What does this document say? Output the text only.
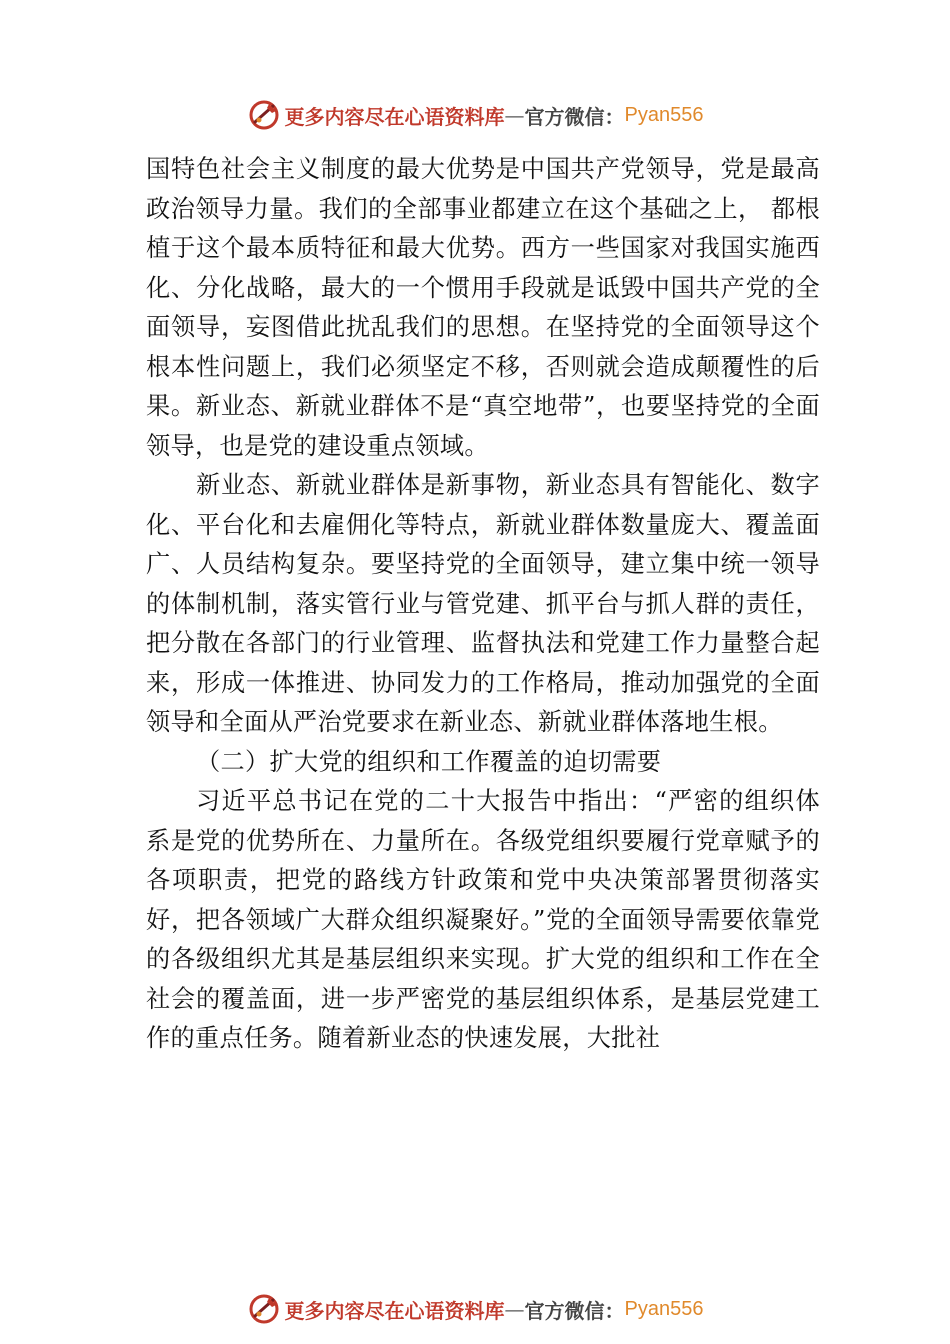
更多内容尽在心语资料库 — 官方微信： Pyan556

国特色社会主义制度的最大优势是中国共产党领导，党是最高政治领导力量。我们的全部事业都建立在这个基础之上， 都根植于这个最本质特征和最大优势。西方一些国家对我国实施西化、分化战略，最大的一个惯用手段就是诋毁中国共产党的全面领导，妄图借此扰乱我们的思想。在坚持党的全面领导这个根本性问题上，我们必须坚定不移，否则就会造成颠覆性的后果。新业态、新就业群体不是“真空地带”，也要坚持党的全面领导，也是党的建设重点领域。

新业态、新就业群体是新事物，新业态具有智能化、数字化、平台化和去雇佣化等特点，新就业群体数量庞大、覆盖面广、人员结构复杂。要坚持党的全面领导，建立集中统一领导的体制机制，落实管行业与管党建、抓平台与抓人群的责任，把分散在各部门的行业管理、监督执法和党建工作力量整合起来，形成一体推进、协同发力的工作格局，推动加强党的全面领导和全面从严治党要求在新业态、新就业群体落地生根。

（二）扩大党的组织和工作覆盖的迫切需要

习近平总书记在党的二十大报告中指出：“严密的组织体系是党的优势所在、力量所在。各级党组织要履行党章赋予的各项职责，把党的路线方针政策和党中央决策部署贯彻落实好，把各领域广大群众组织凝聚好。”党的全面领导需要依靠党的各级组织尤其是基层组织来实现。扩大党的组织和工作在全社会的覆盖面，进一步严密党的基层组织体系，是基层党建工作的重点任务。随着新业态的快速发展，大批社

更多内容尽在心语资料库 — 官方微信： Pyan556
